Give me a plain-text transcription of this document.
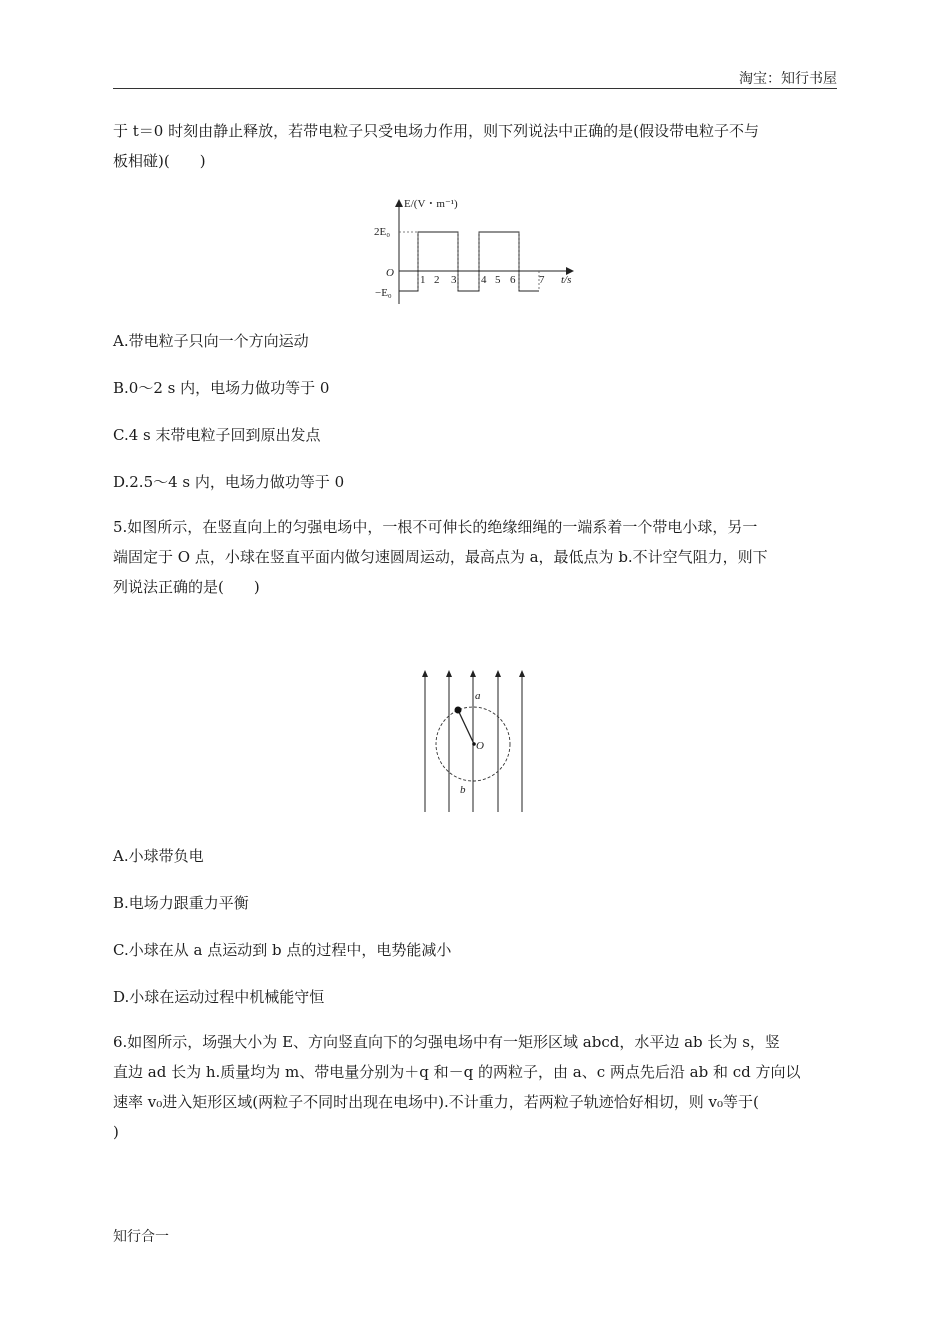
淘宝：知行书屋

于 t＝0 时刻由静止释放，若带电粒子只受电场力作用，则下列说法中正确的是(假设带电粒子不与

板相碰)(　　)

E/(V・m⁻¹)
2E₀
−E₀
O
t/s
1 2 3 4 5 6 7
A.带电粒子只向一个方向运动
B.0～2 s 内，电场力做功等于 0
C.4 s 末带电粒子回到原出发点
D.2.5～4 s 内，电场力做功等于 0

5.如图所示，在竖直向上的匀强电场中，一根不可伸长的绝缘细绳的一端系着一个带电小球，另一

端固定于 O 点，小球在竖直平面内做匀速圆周运动，最高点为 a，最低点为 b.不计空气阻力，则下

列说法正确的是(　　)

a
O
b
A.小球带负电
B.电场力跟重力平衡
C.小球在从 a 点运动到 b 点的过程中，电势能减小
D.小球在运动过程中机械能守恒

6.如图所示，场强大小为 E、方向竖直向下的匀强电场中有一矩形区域 abcd，水平边 ab 长为 s，竖

直边 ad 长为 h.质量均为 m、带电量分别为＋q 和－q 的两粒子，由 a、c 两点先后沿 ab 和 cd 方向以

速率 v₀进入矩形区域(两粒子不同时出现在电场中).不计重力，若两粒子轨迹恰好相切，则 v₀等于(

)

知行合一
